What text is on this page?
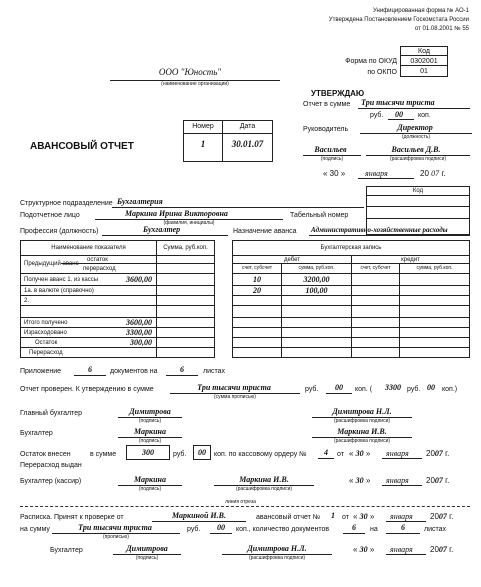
Унифицированная форма № АО-1
Утверждена Постановлением Госкомстата России
от 01.08.2001 № 55
Код
Форма по ОКУД	0302001
по ОКПО	01
ООО "Юность"
(наименование организации)
УТВЕРЖДАЮ
Отчет в сумме Три тысячи триста
руб. 00 коп.
Руководитель	Директор
(должность)
Васильев
(подпись)
Васильев Д.В.
(расшифровка подписи)
« 30 » января	20 07 г.
АВАНСОВЫЙ ОТЧЕТ
Номер	Дата
1	30.01.07
Код
Структурное подразделение Бухгалтерия
Подотчетное лицо	Маркина Ирина Викторовна
(фамилия, инициалы)
Табельный номер
Профессия (должность)	Бухгалтер	Назначение аванса Административно-хозяйственные расходы
Наименование показателя	Сумма, руб.коп.
Предыдущий аванс
остаток
перерасход
Получен аванс 1. из кассы	3600,00
1а. в валюте (справочно)
2.
Итого получено	3600,00
Израсходовано	3300,00
Остаток	300,00
Перерасход
Бухгалтерская запись
дебет	кредит
счет, субсчет	сумма, руб.коп.	счет, субсчет	сумма, руб.коп.
10	3200,00
20	100,00
Приложение	6	документов на	6	листах
Отчет проверен. К утверждению в сумме	Три тысячи триста
(сумма прописью)
руб.	00	коп. ( 3300 руб. 00 коп.)
Главный бухгалтер	Димитрова
(подпись)
Димитрова Н.Л.
(расшифровка подписи)
Бухгалтер	Маркина
(подпись)
Маркина И.В.
(расшифровка подписи)
Остаток внесен
Перерасход выдан
в сумме	300	руб.	00	коп. по кассовому ордеру №	4	от « 30 » января 2007 г.
Бухгалтер (кассир)	Маркина
(подпись)
Маркина И.В.
(расшифровка подписи)
« 30 » января 2007 г.
линия отреза
Расписка. Принят к проверке от	Маркиной И.В.	авансовый отчет №	1	от « 30 » января 2007 г.
на сумму	Три тысячи триста
(прописью)
руб.	00	коп., количество документов	6	на	6	листах
Бухгалтер	Димитрова
(подпись)
Димитрова Н.Л.
(расшифровка подписи)
« 30 » января 2007 г.
